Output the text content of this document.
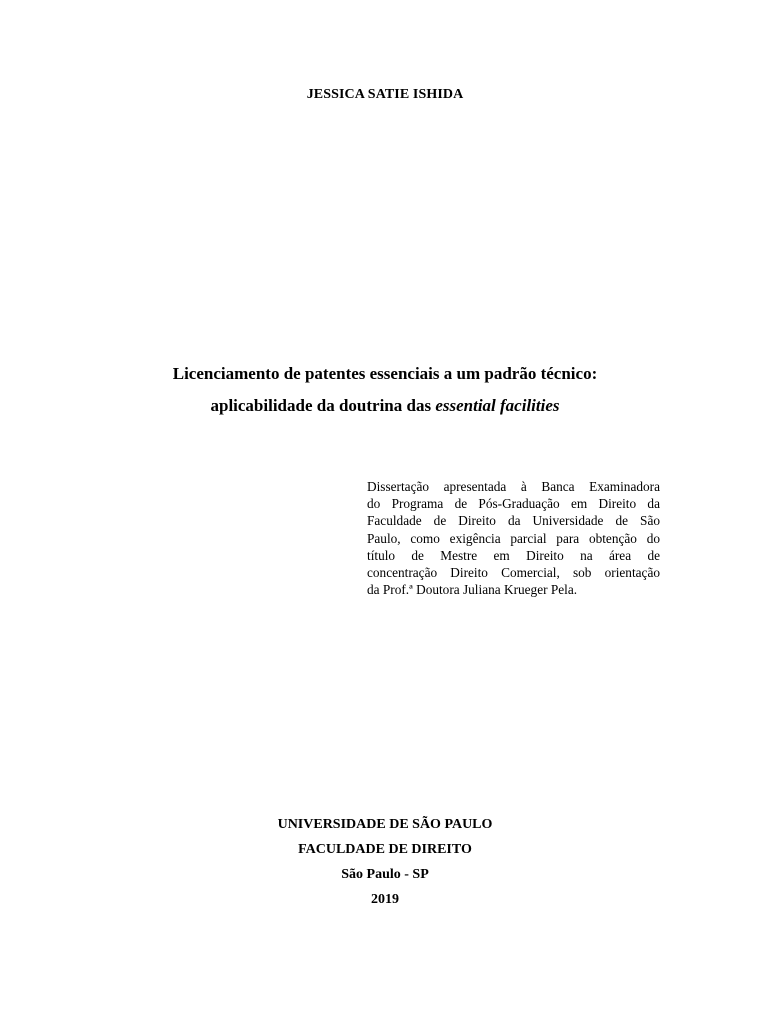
JESSICA SATIE ISHIDA
Licenciamento de patentes essenciais a um padrão técnico:
aplicabilidade da doutrina das essential facilities
Dissertação apresentada à Banca Examinadora
do Programa de Pós-Graduação em Direito da
Faculdade de Direito da Universidade de São
Paulo, como exigência parcial para obtenção do
título de Mestre em Direito na área de
concentração Direito Comercial, sob orientação
da Prof.ª Doutora Juliana Krueger Pela.
UNIVERSIDADE DE SÃO PAULO
FACULDADE DE DIREITO
São Paulo - SP
2019
